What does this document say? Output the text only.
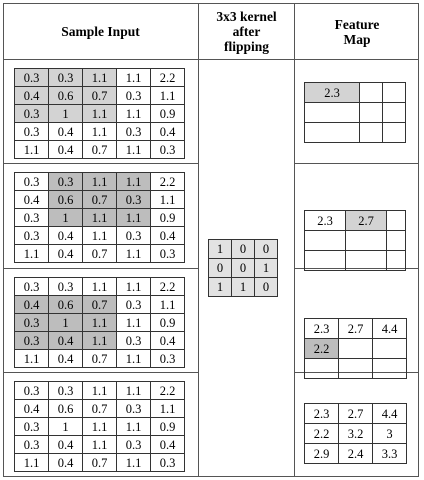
Sample Input
3x3 kernel
after
flipping
Feature
Map
0.3	0.3	1.1	1.1	2.2
0.4	0.6	0.7	0.3	1.1
0.3	1	1.1	1.1	0.9
0.3	0.4	1.1	0.3	0.4
1.1	0.4	0.7	1.1	0.3
0.3	0.3	1.1	1.1	2.2
0.4	0.6	0.7	0.3	1.1
0.3	1	1.1	1.1	0.9
0.3	0.4	1.1	0.3	0.4
1.1	0.4	0.7	1.1	0.3
0.3	0.3	1.1	1.1	2.2
0.4	0.6	0.7	0.3	1.1
0.3	1	1.1	1.1	0.9
0.3	0.4	1.1	0.3	0.4
1.1	0.4	0.7	1.1	0.3
0.3	0.3	1.1	1.1	2.2
0.4	0.6	0.7	0.3	1.1
0.3	1	1.1	1.1	0.9
0.3	0.4	1.1	0.3	0.4
1.1	0.4	0.7	1.1	0.3
1	0	0
0	0	1
1	1	0
2.3		

2.3	2.7	

2.3	2.7	4.4
2.2		

2.3	2.7	4.4
2.2	3.2	3
2.9	2.4	3.3
